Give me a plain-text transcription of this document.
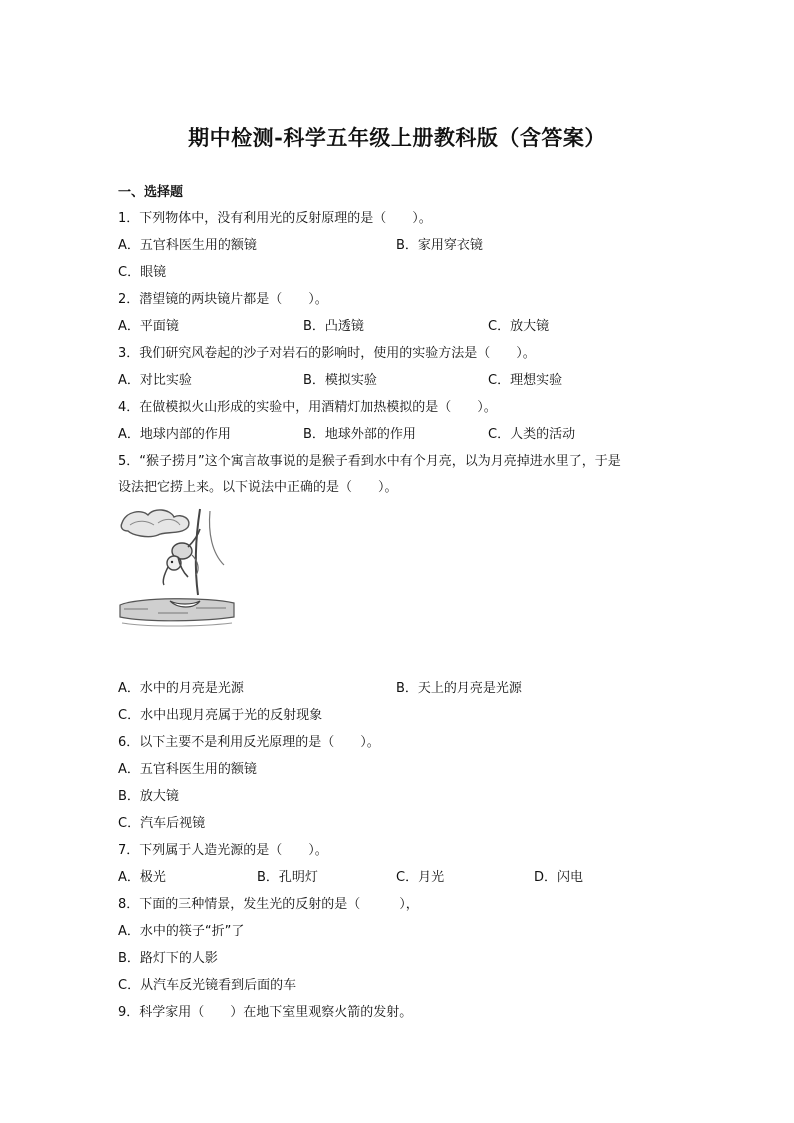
期中检测-科学五年级上册教科版（含答案）
一、选择题
1．下列物体中，没有利用光的反射原理的是（　　）。
A．五官科医生用的额镜	B．家用穿衣镜
C．眼镜
2．潜望镜的两块镜片都是（　　）。
A．平面镜	B．凸透镜	C．放大镜
3．我们研究风卷起的沙子对岩石的影响时，使用的实验方法是（　　）。
A．对比实验	B．模拟实验	C．理想实验
4．在做模拟火山形成的实验中，用酒精灯加热模拟的是（　　）。
A．地球内部的作用	B．地球外部的作用	C．人类的活动
5．“猴子捞月”这个寓言故事说的是猴子看到水中有个月亮，以为月亮掉进水里了，于是
设法把它捞上来。以下说法中正确的是（　　）。
A．水中的月亮是光源	B．天上的月亮是光源
C．水中出现月亮属于光的反射现象
6．以下主要不是利用反光原理的是（　　）。
A．五官科医生用的额镜
B．放大镜
C．汽车后视镜
7．下列属于人造光源的是（　　）。
A．极光	B．孔明灯	C．月光	D．闪电
8．下面的三种情景，发生光的反射的是（　　　），
A．水中的筷子“折”了
B．路灯下的人影
C．从汽车反光镜看到后面的车
9．科学家用（　　）在地下室里观察火箭的发射。
